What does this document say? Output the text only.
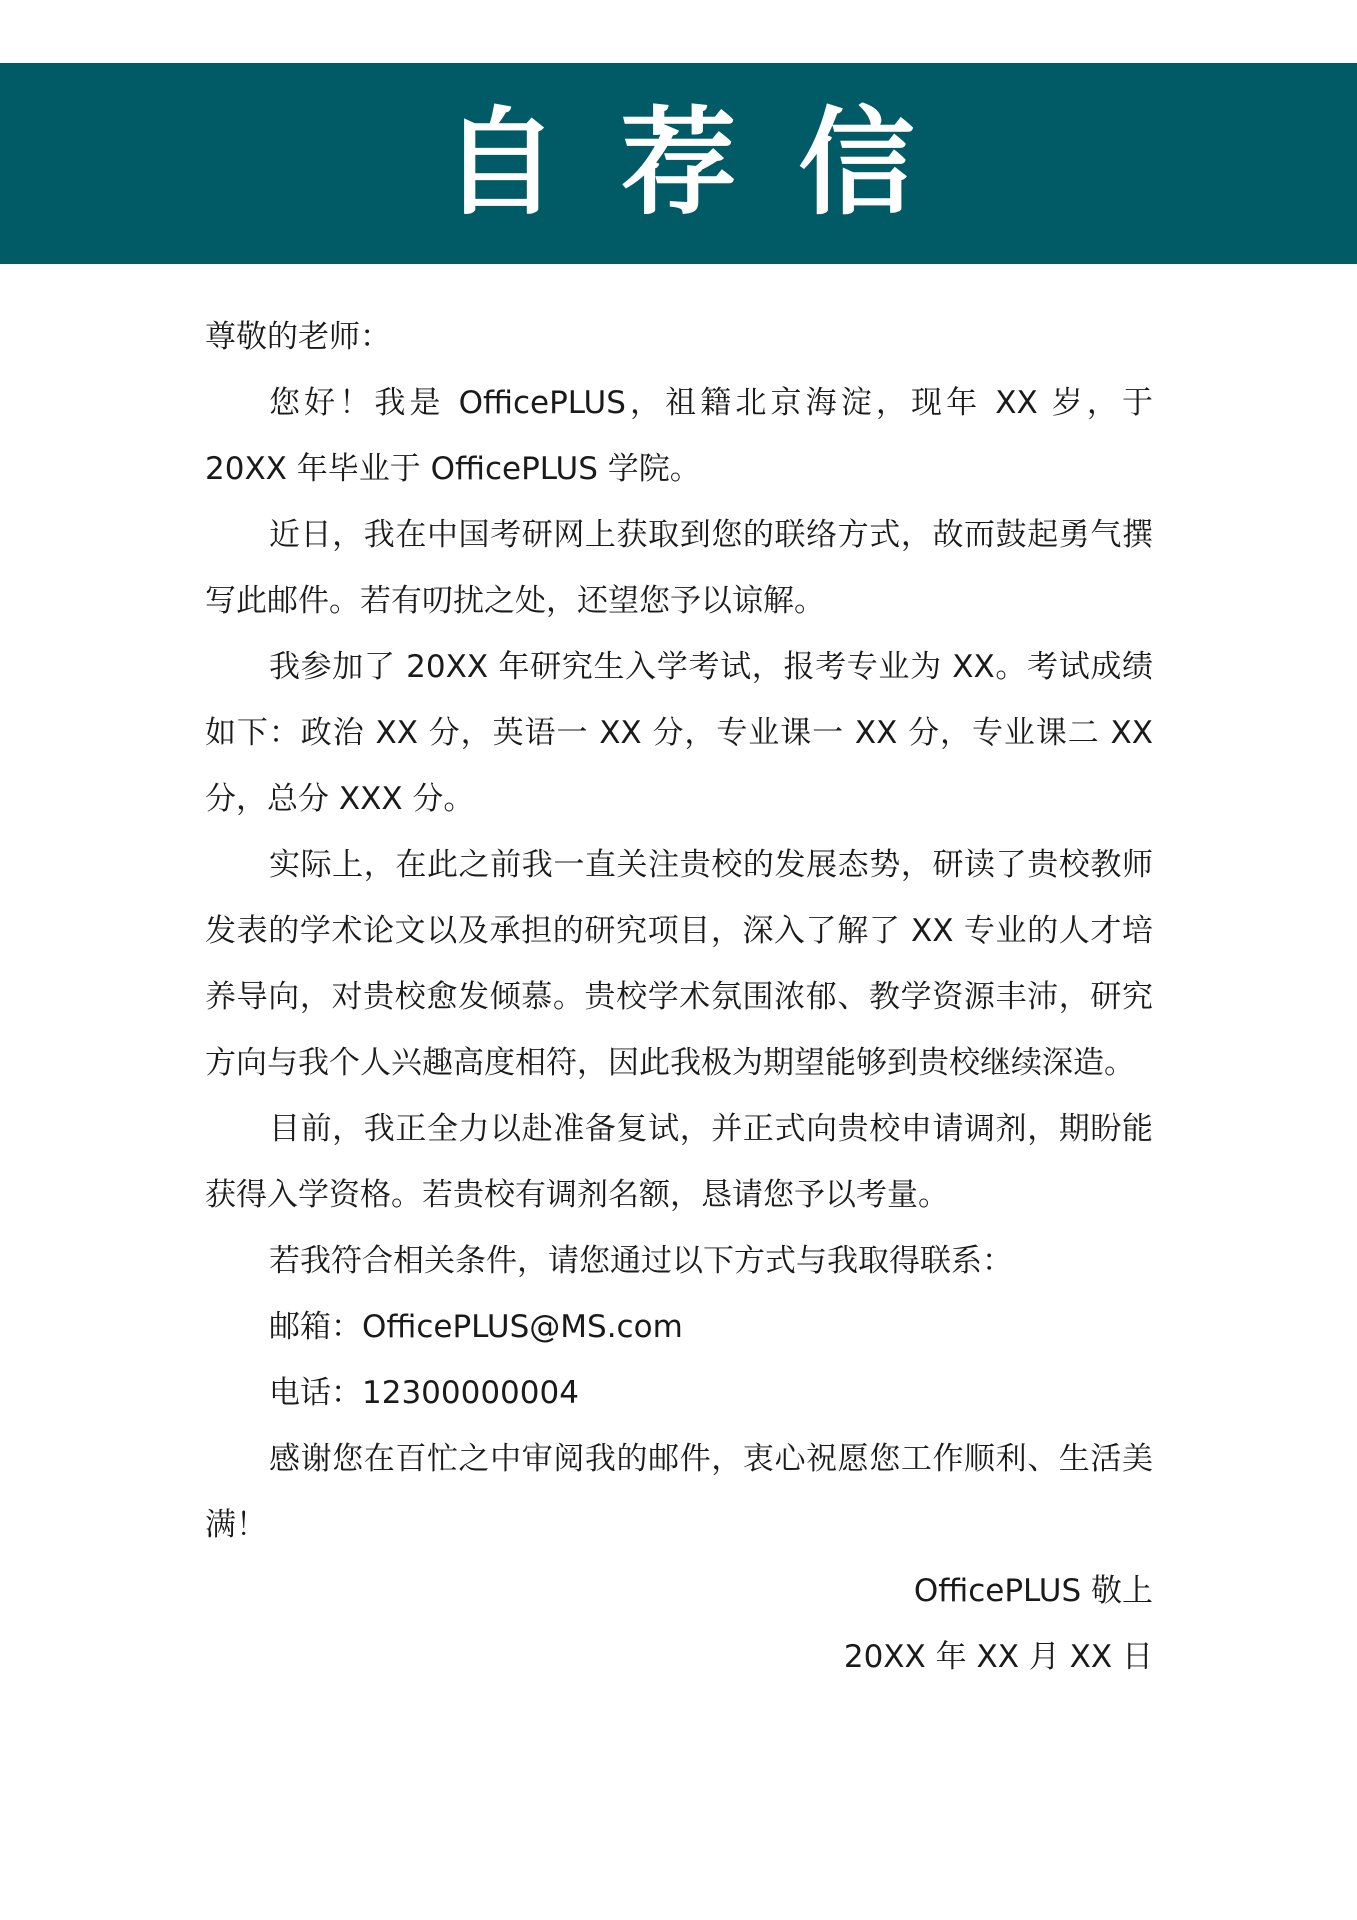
自荐信

尊敬的老师：

您好！我是 OfficePLUS，祖籍北京海淀，现年 XX 岁，于 20XX 年毕业于 OfficePLUS 学院。

近日，我在中国考研网上获取到您的联络方式，故而鼓起勇气撰写此邮件。若有叨扰之处，还望您予以谅解。

我参加了 20XX 年研究生入学考试，报考专业为 XX。考试成绩如下：政治 XX 分，英语一 XX 分，专业课一 XX 分，专业课二 XX 分，总分 XXX 分。

实际上，在此之前我一直关注贵校的发展态势，研读了贵校教师发表的学术论文以及承担的研究项目，深入了解了 XX 专业的人才培养导向，对贵校愈发倾慕。贵校学术氛围浓郁、教学资源丰沛，研究方向与我个人兴趣高度相符，因此我极为期望能够到贵校继续深造。

目前，我正全力以赴准备复试，并正式向贵校申请调剂，期盼能获得入学资格。若贵校有调剂名额，恳请您予以考量。

若我符合相关条件，请您通过以下方式与我取得联系：

邮箱：OfficePLUS@MS.com

电话：12300000004

感谢您在百忙之中审阅我的邮件，衷心祝愿您工作顺利、生活美满！

OfficePLUS 敬上

20XX 年 XX 月 XX 日
